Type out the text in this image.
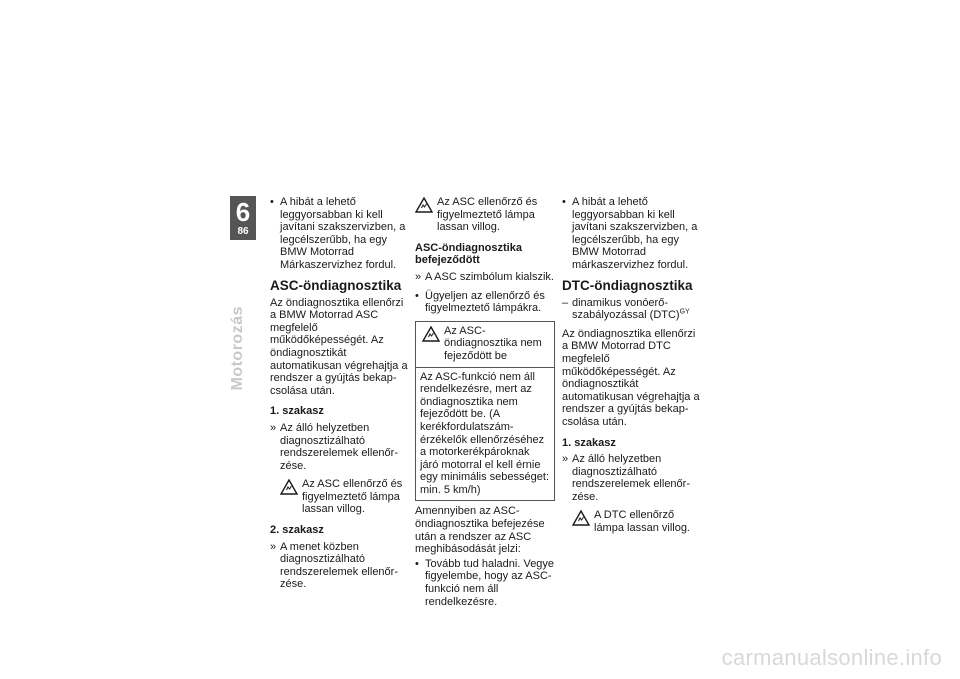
6
86
Motorozás
• A hibát a lehető leggyorsabban ki kell javítani szakszervizben, a legcélszerűbb, ha egy BMW Motorrad Márkaszervizhez fordul.
ASC-öndiagnosztika

Az öndiagnosztika ellenőrzi a BMW Motorrad ASC megfelelő működőképességét. Az öndiagnosztikát automatikusan végrehajtja a rendszer a gyújtás bekapcsolása után.

1. szakasz
» Az álló helyzetben diagnosztizálható rendszerelemek ellenőrzése.
Az ASC ellenőrző és figyelmeztető lámpa lassan villog.
2. szakasz
» A menet közben diagnosztizálható rendszerelemek ellenőrzése.
Az ASC ellenőrző és figyelmeztető lámpa lassan villog.
ASC-öndiagnosztika befejeződött
» A ASC szimbólum kialszik.
• Ügyeljen az ellenőrző és figyelmeztető lámpákra.
Az ASC-öndiagnosztika nem fejeződött be
Az ASC-funkció nem áll rendelkezésre, mert az öndiagnosztika nem fejeződött be. (A kerékfordulatszám-érzékelők ellenőrzéséhez a motorkerékpároknak járó motorral el kell érnie egy minimális sebességet: min. 5 km/h)

Amennyiben az ASC-öndiagnosztika befejezése után a rendszer az ASC meghibásodását jelzi:

• Tovább tud haladni. Vegye figyelembe, hogy az ASC-funkció nem áll rendelkezésre.
• A hibát a lehető leggyorsabban ki kell javítani szakszervizben, a legcélszerűbb, ha egy BMW Motorrad márkaszervizhez fordul.
DTC-öndiagnosztika
– dinamikus vonóerő-szabályozással (DTC)$^{GY}$

Az öndiagnosztika ellenőrzi a BMW Motorrad DTC megfelelő működőképességét. Az öndiagnosztikát automatikusan végrehajtja a rendszer a gyújtás bekapcsolása után.

1. szakasz
» Az álló helyzetben diagnosztizálható rendszerelemek ellenőrzése.
A DTC ellenőrző lámpa lassan villog.
carmanualsonline.info
